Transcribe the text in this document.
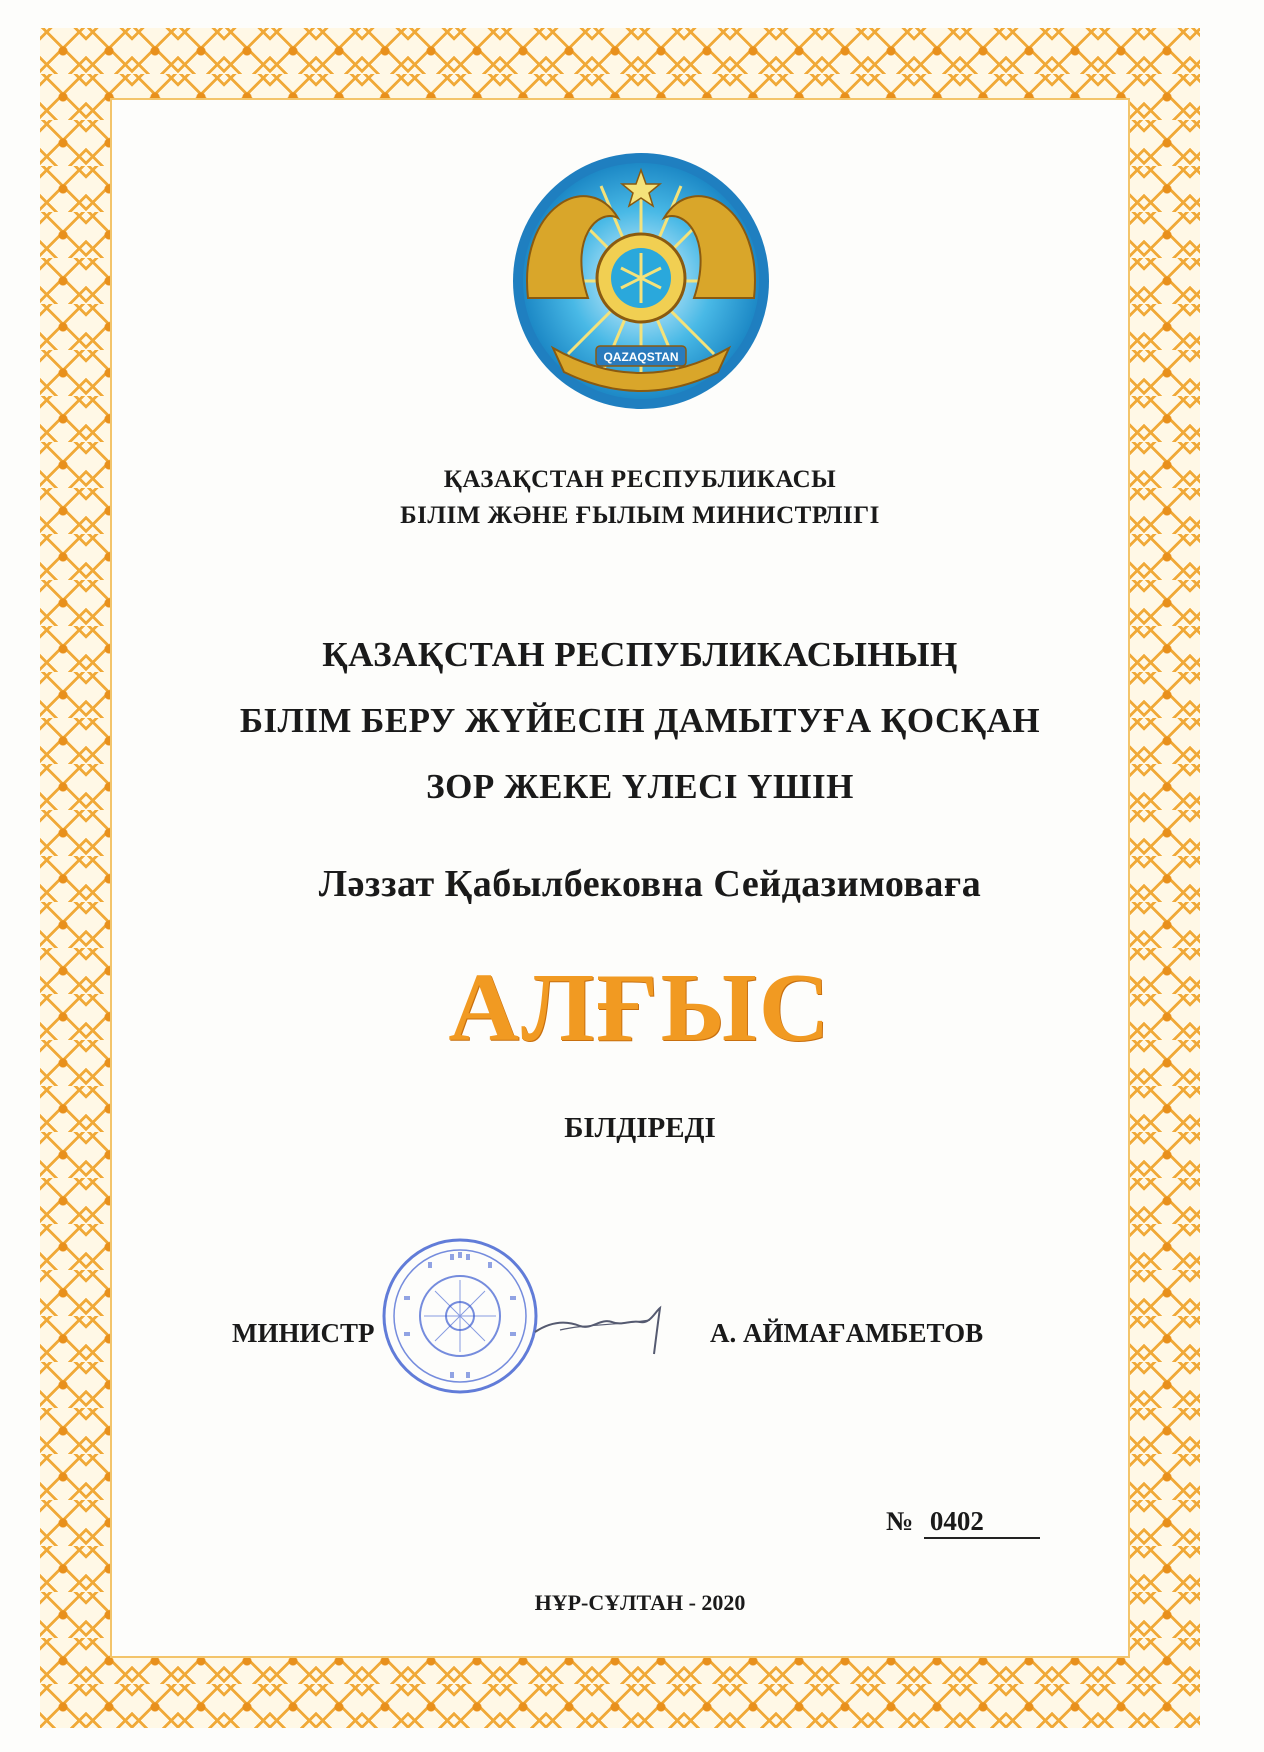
QAZAQSTAN
ҚАЗАҚСТАН РЕСПУБЛИКАСЫ
БІЛІМ ЖӘНЕ ҒЫЛЫМ МИНИСТРЛІГІ
ҚАЗАҚСТАН РЕСПУБЛИКАСЫНЫҢ
БІЛІМ БЕРУ ЖҮЙЕСІН ДАМЫТУҒА ҚОСҚАН
ЗОР ЖЕКЕ ҮЛЕСІ ҮШІН
Ләззат Қабылбековна Сейдазимоваға
АЛҒЫС
БІЛДІРЕДІ
МИНИСТР	А. АЙМАҒАМБЕТОВ
№ 0402
НҰР-СҰЛТАН - 2020
